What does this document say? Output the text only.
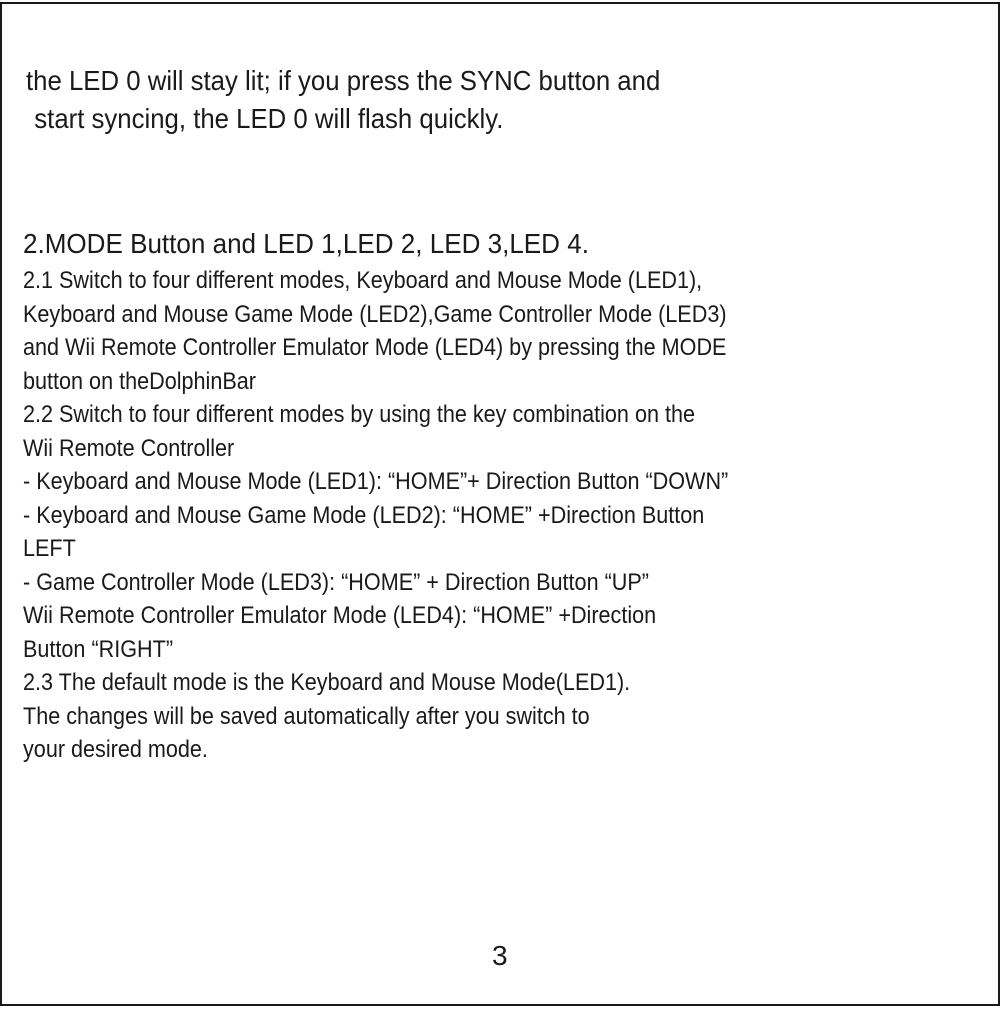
the LED 0 will stay lit; if you press the SYNC button and
start syncing, the LED 0 will flash quickly.

2.MODE Button and LED 1,LED 2, LED 3,LED 4.
2.1 Switch to four different modes, Keyboard and Mouse Mode (LED1),
Keyboard and Mouse Game Mode (LED2),Game Controller Mode (LED3)
and Wii Remote Controller Emulator Mode (LED4) by pressing the MODE
button on theDolphinBar
2.2 Switch to four different modes by using the key combination on the
Wii Remote Controller
- Keyboard and Mouse Mode (LED1): “HOME”+ Direction Button “DOWN”
- Keyboard and Mouse Game Mode (LED2): “HOME” +Direction Button
LEFT
- Game Controller Mode (LED3): “HOME” + Direction Button “UP”
Wii Remote Controller Emulator Mode (LED4): “HOME” +Direction
Button “RIGHT”
2.3 The default mode is the Keyboard and Mouse Mode(LED1).
The changes will be saved automatically after you switch to
your desired mode.

3
